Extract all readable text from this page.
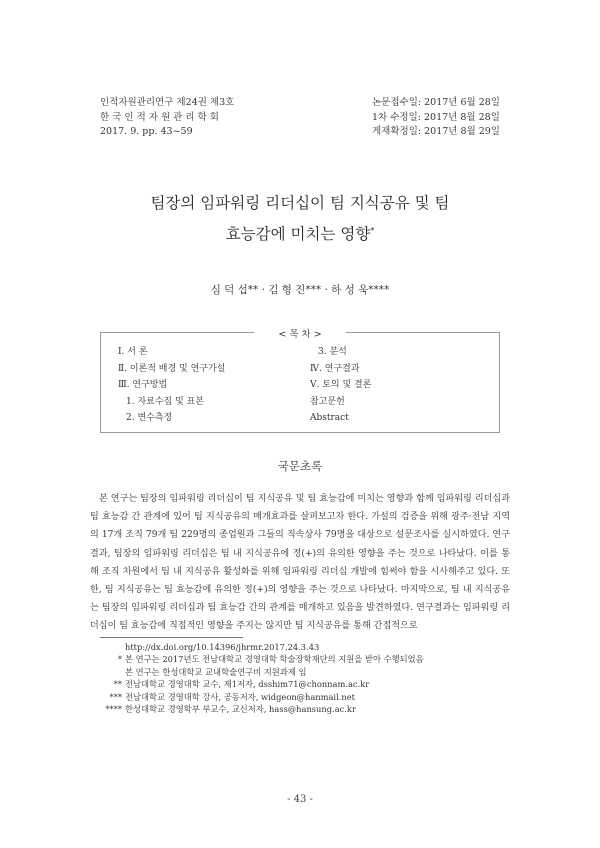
인적자원관리연구 제24권 제3호
한 국 인 적 자 원 관 리 학 회
2017. 9. pp. 43~59
논문접수일: 2017년 6월 28일
1차 수정일: 2017년 8월 28일
게재확정일: 2017년 8월 29일
팀장의 임파워링 리더십이 팀 지식공유 및 팀
효능감에 미치는 영향*
심 덕 섭** · 김 형 진*** · 하 성 욱****
< 목 차 >
Ⅰ. 서 론
Ⅱ. 이론적 배경 및 연구가설
Ⅲ. 연구방법
1. 자료수집 및 표본
2. 변수측정
3. 분석
Ⅳ. 연구결과
Ⅴ. 토의 및 결론
참고문헌
Abstract
국문초록

본 연구는 팀장의 임파워링 리더십이 팀 지식공유 및 팀 효능감에 미치는 영향과 함께 임파워링 리더십과 팀 효능감 간 관계에 있어 팀 지식공유의 매개효과를 살펴보고자 한다. 가설의 검증을 위해 광주·전남 지역의 17개 조직 79개 팀 229명의 종업원과 그들의 직속상사 79명을 대상으로 설문조사를 실시하였다. 연구 결과, 팀장의 임파워링 리더십은 팀 내 지식공유에 정(+)의 유의한 영향을 주는 것으로 나타났다. 이를 통해 조직 차원에서 팀 내 지식공유 활성화를 위해 임파워링 리더십 개발에 힘써야 함을 시사해주고 있다. 또한, 팀 지식공유는 팀 효능감에 유의한 정(+)의 영향을 주는 것으로 나타났다. 마지막으로, 팀 내 지식공유는 팀장의 임파워링 리더십과 팀 효능감 간의 관계를 매개하고 있음을 발견하였다. 연구결과는 임파워링 리더십이 팀 효능감에 직접적인 영향을 주지는 않지만 팀 지식공유를 통해 간접적으로

http://dx.doi.org/10.14396/jhrmr.2017.24.3.43
* 본 연구는 2017년도 전남대학교 경영대학 학술장학재단의 지원을 받아 수행되었음
본 연구는 한성대학교 교내학술연구비 지원과제 임
** 전남대학교 경영대학 교수, 제1저자, dsshim71@chonnam.ac.kr
*** 전남대학교 경영대학 강사, 공동저자, widgeon@hanmail.net
**** 한성대학교 경영학부 부교수, 교신저자, hass@hansung.ac.kr
- 43 -
